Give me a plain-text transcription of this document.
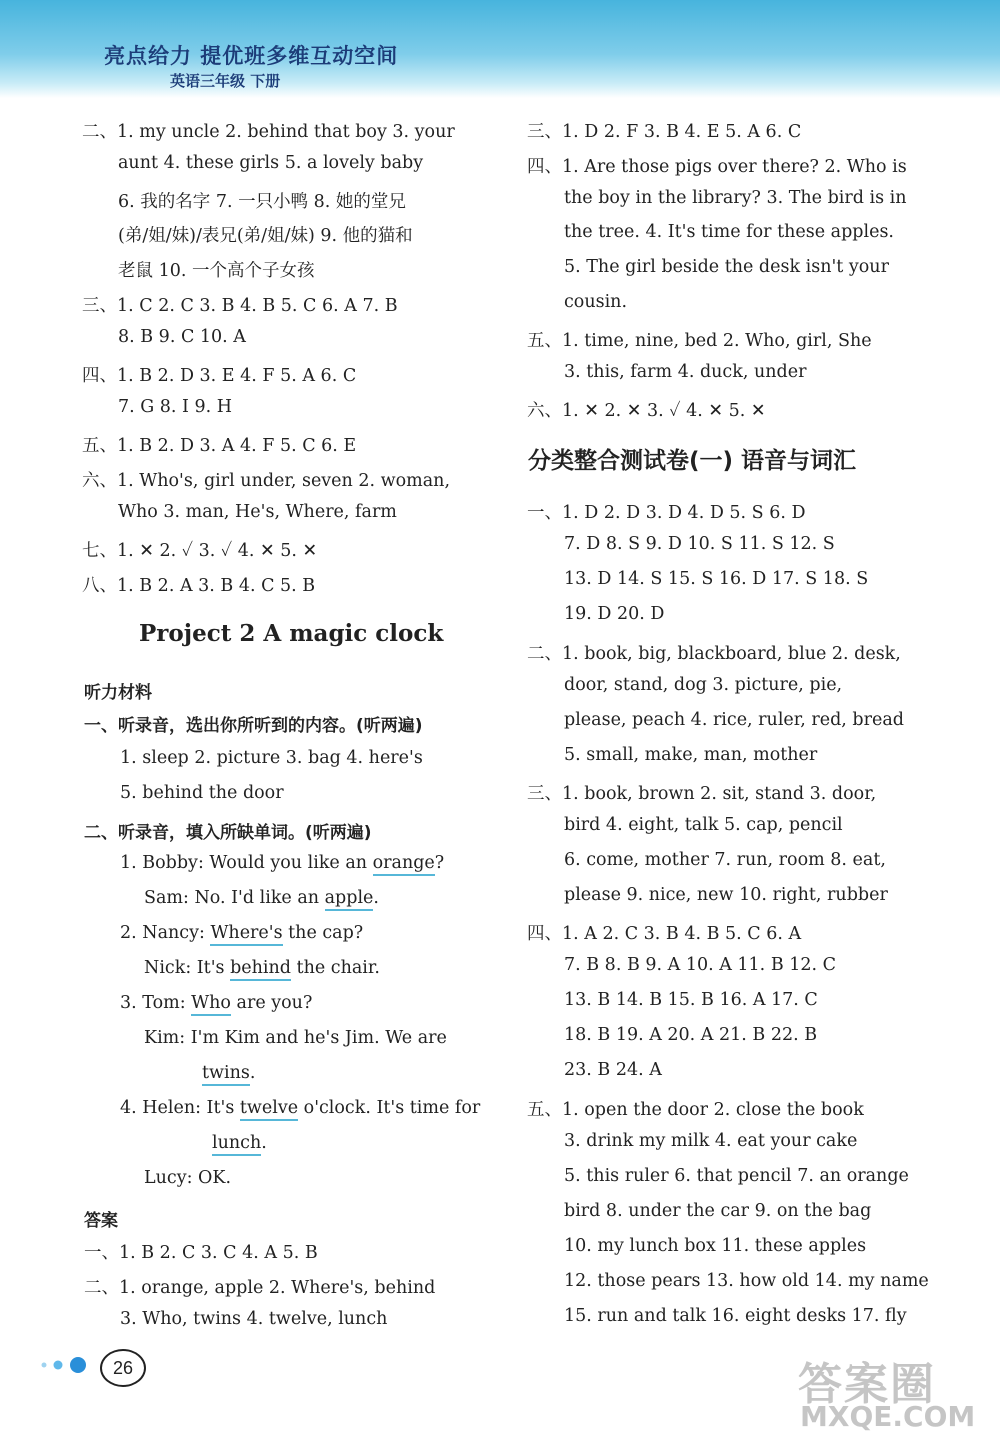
亮点给力 提优班多维互动空间
英语三年级 下册
二、1. my uncle 2. behind that boy 3. your
aunt 4. these girls 5. a lovely baby
6. 我的名字 7. 一只小鸭 8. 她的堂兄
(弟/姐/妹)/表兄(弟/姐/妹) 9. 他的猫和
老鼠 10. 一个高个子女孩
三、1. C 2. C 3. B 4. B 5. C 6. A 7. B
8. B 9. C 10. A
四、1. B 2. D 3. E 4. F 5. A 6. C
7. G 8. I 9. H
五、1. B 2. D 3. A 4. F 5. C 6. E
六、1. Who's, girl under, seven 2. woman,
Who 3. man, He's, Where, farm
七、1. ✕ 2. ✓ 3. ✓ 4. ✕ 5. ✕
八、1. B 2. A 3. B 4. C 5. B
Project 2 A magic clock
听力材料
一、听录音，选出你所听到的内容。(听两遍)
1. sleep 2. picture 3. bag 4. here's
5. behind the door
二、听录音，填入所缺单词。(听两遍)
1. Bobby: Would you like an orange?
Sam: No. I'd like an apple.
2. Nancy: Where's the cap?
Nick: It's behind the chair.
3. Tom: Who are you?
Kim: I'm Kim and he's Jim. We are
twins.
4. Helen: It's twelve o'clock. It's time for
lunch.
Lucy: OK.
答案
一、1. B 2. C 3. C 4. A 5. B
二、1. orange, apple 2. Where's, behind
3. Who, twins 4. twelve, lunch
三、1. D 2. F 3. B 4. E 5. A 6. C
四、1. Are those pigs over there? 2. Who is
the boy in the library? 3. The bird is in
the tree. 4. It's time for these apples.
5. The girl beside the desk isn't your
cousin.
五、1. time, nine, bed 2. Who, girl, She
3. this, farm 4. duck, under
六、1. ✕ 2. ✕ 3. ✓ 4. ✕ 5. ✕
分类整合测试卷(一) 语音与词汇
一、1. D 2. D 3. D 4. D 5. S 6. D
7. D 8. S 9. D 10. S 11. S 12. S
13. D 14. S 15. S 16. D 17. S 18. S
19. D 20. D
二、1. book, big, blackboard, blue 2. desk,
door, stand, dog 3. picture, pie,
please, peach 4. rice, ruler, red, bread
5. small, make, man, mother
三、1. book, brown 2. sit, stand 3. door,
bird 4. eight, talk 5. cap, pencil
6. come, mother 7. run, room 8. eat,
please 9. nice, new 10. right, rubber
四、1. A 2. C 3. B 4. B 5. C 6. A
7. B 8. B 9. A 10. A 11. B 12. C
13. B 14. B 15. B 16. A 17. C
18. B 19. A 20. A 21. B 22. B
23. B 24. A
五、1. open the door 2. close the book
3. drink my milk 4. eat your cake
5. this ruler 6. that pencil 7. an orange
bird 8. under the car 9. on the bag
10. my lunch box 11. these apples
12. those pears 13. how old 14. my name
15. run and talk 16. eight desks 17. fly
26	答案圈
MXQE.COM
